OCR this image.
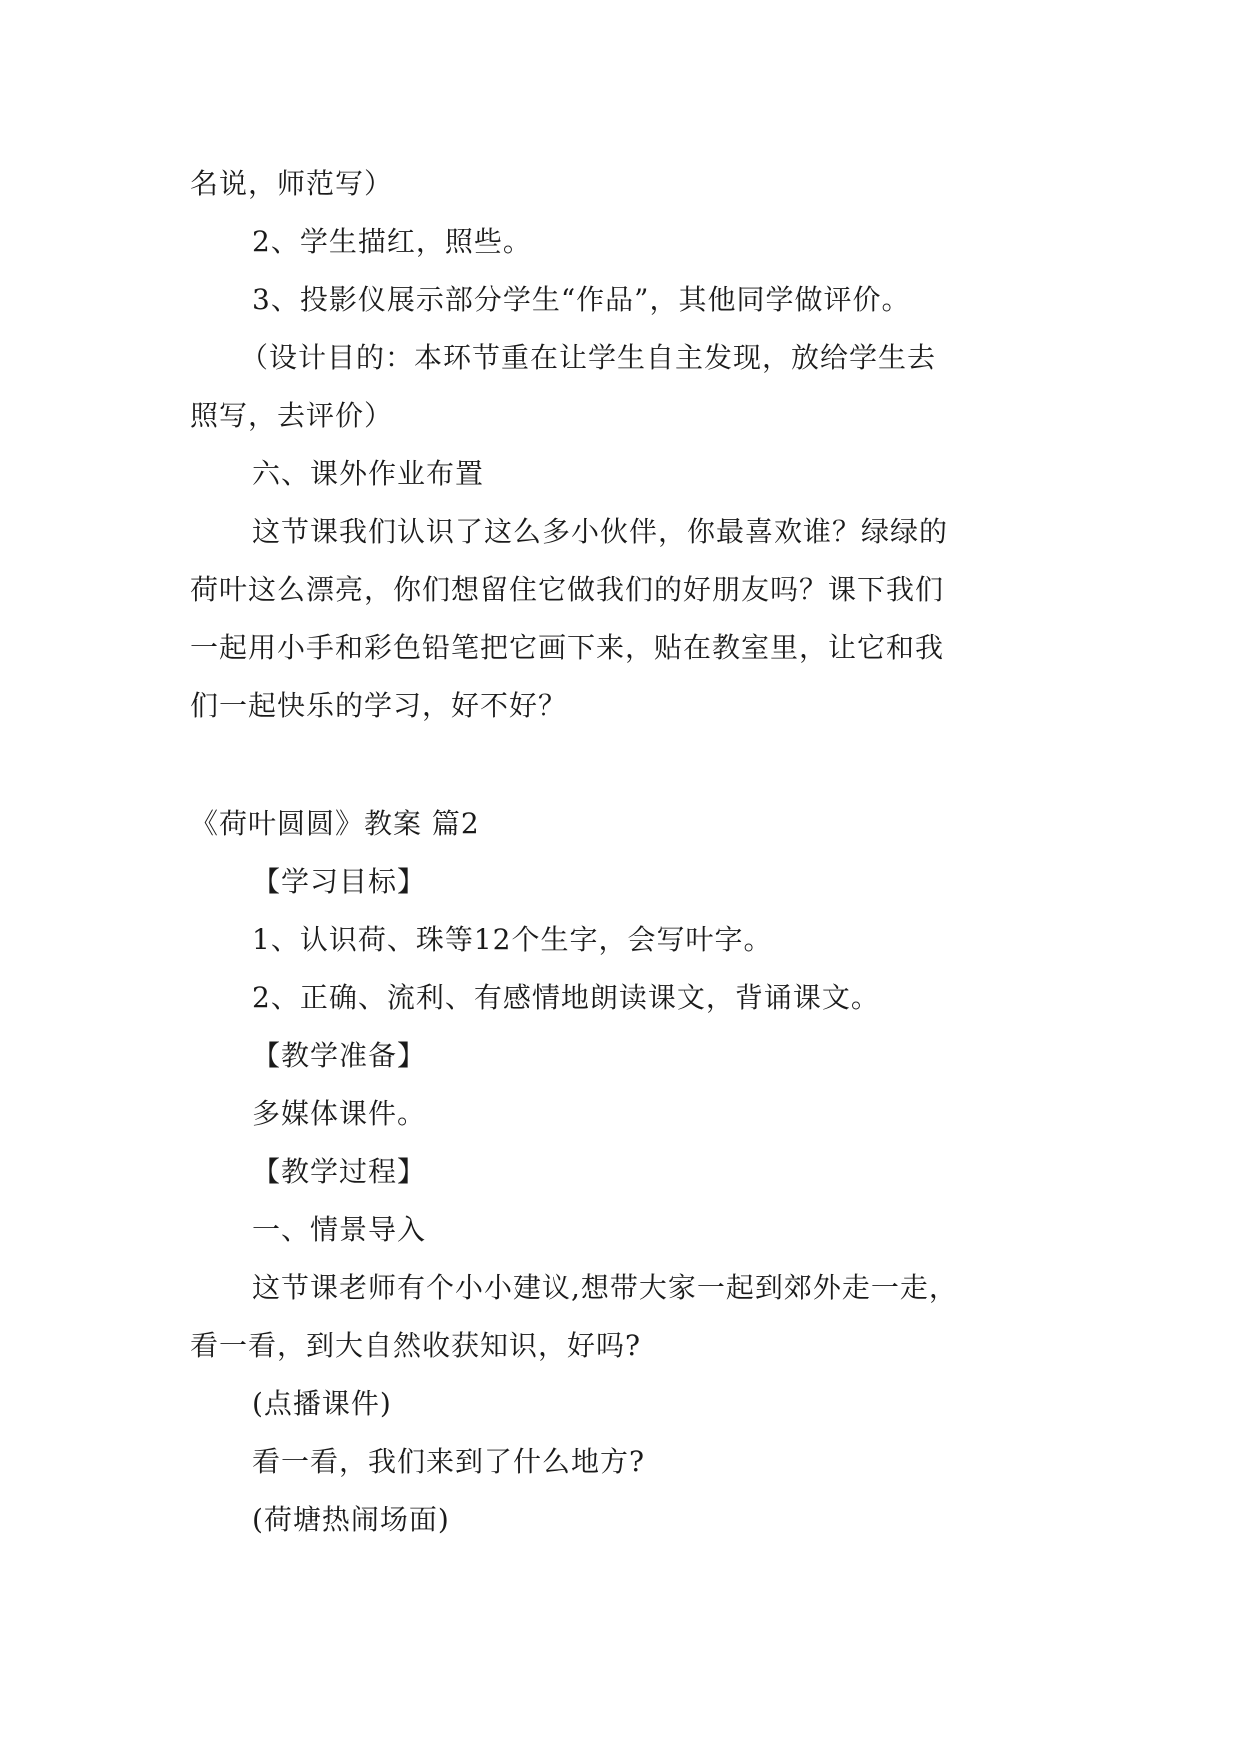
名说，师范写）
2、学生描红，照些。
3、投影仪展示部分学生“作品”，其他同学做评价。
（设计目的：本环节重在让学生自主发现，放给学生去
照写，去评价）
六、课外作业布置
这节课我们认识了这么多小伙伴，你最喜欢谁？绿绿的
荷叶这么漂亮，你们想留住它做我们的好朋友吗？课下我们
一起用小手和彩色铅笔把它画下来，贴在教室里，让它和我
们一起快乐的学习，好不好？
《荷叶圆圆》教案 篇2
【学习目标】
1、认识荷、珠等12个生字，会写叶字。
2、正确、流利、有感情地朗读课文，背诵课文。
【教学准备】
多媒体课件。
【教学过程】
一、情景导入
这节课老师有个小小建议,想带大家一起到郊外走一走，
看一看，到大自然收获知识，好吗?
(点播课件)
看一看，我们来到了什么地方?
(荷塘热闹场面)
